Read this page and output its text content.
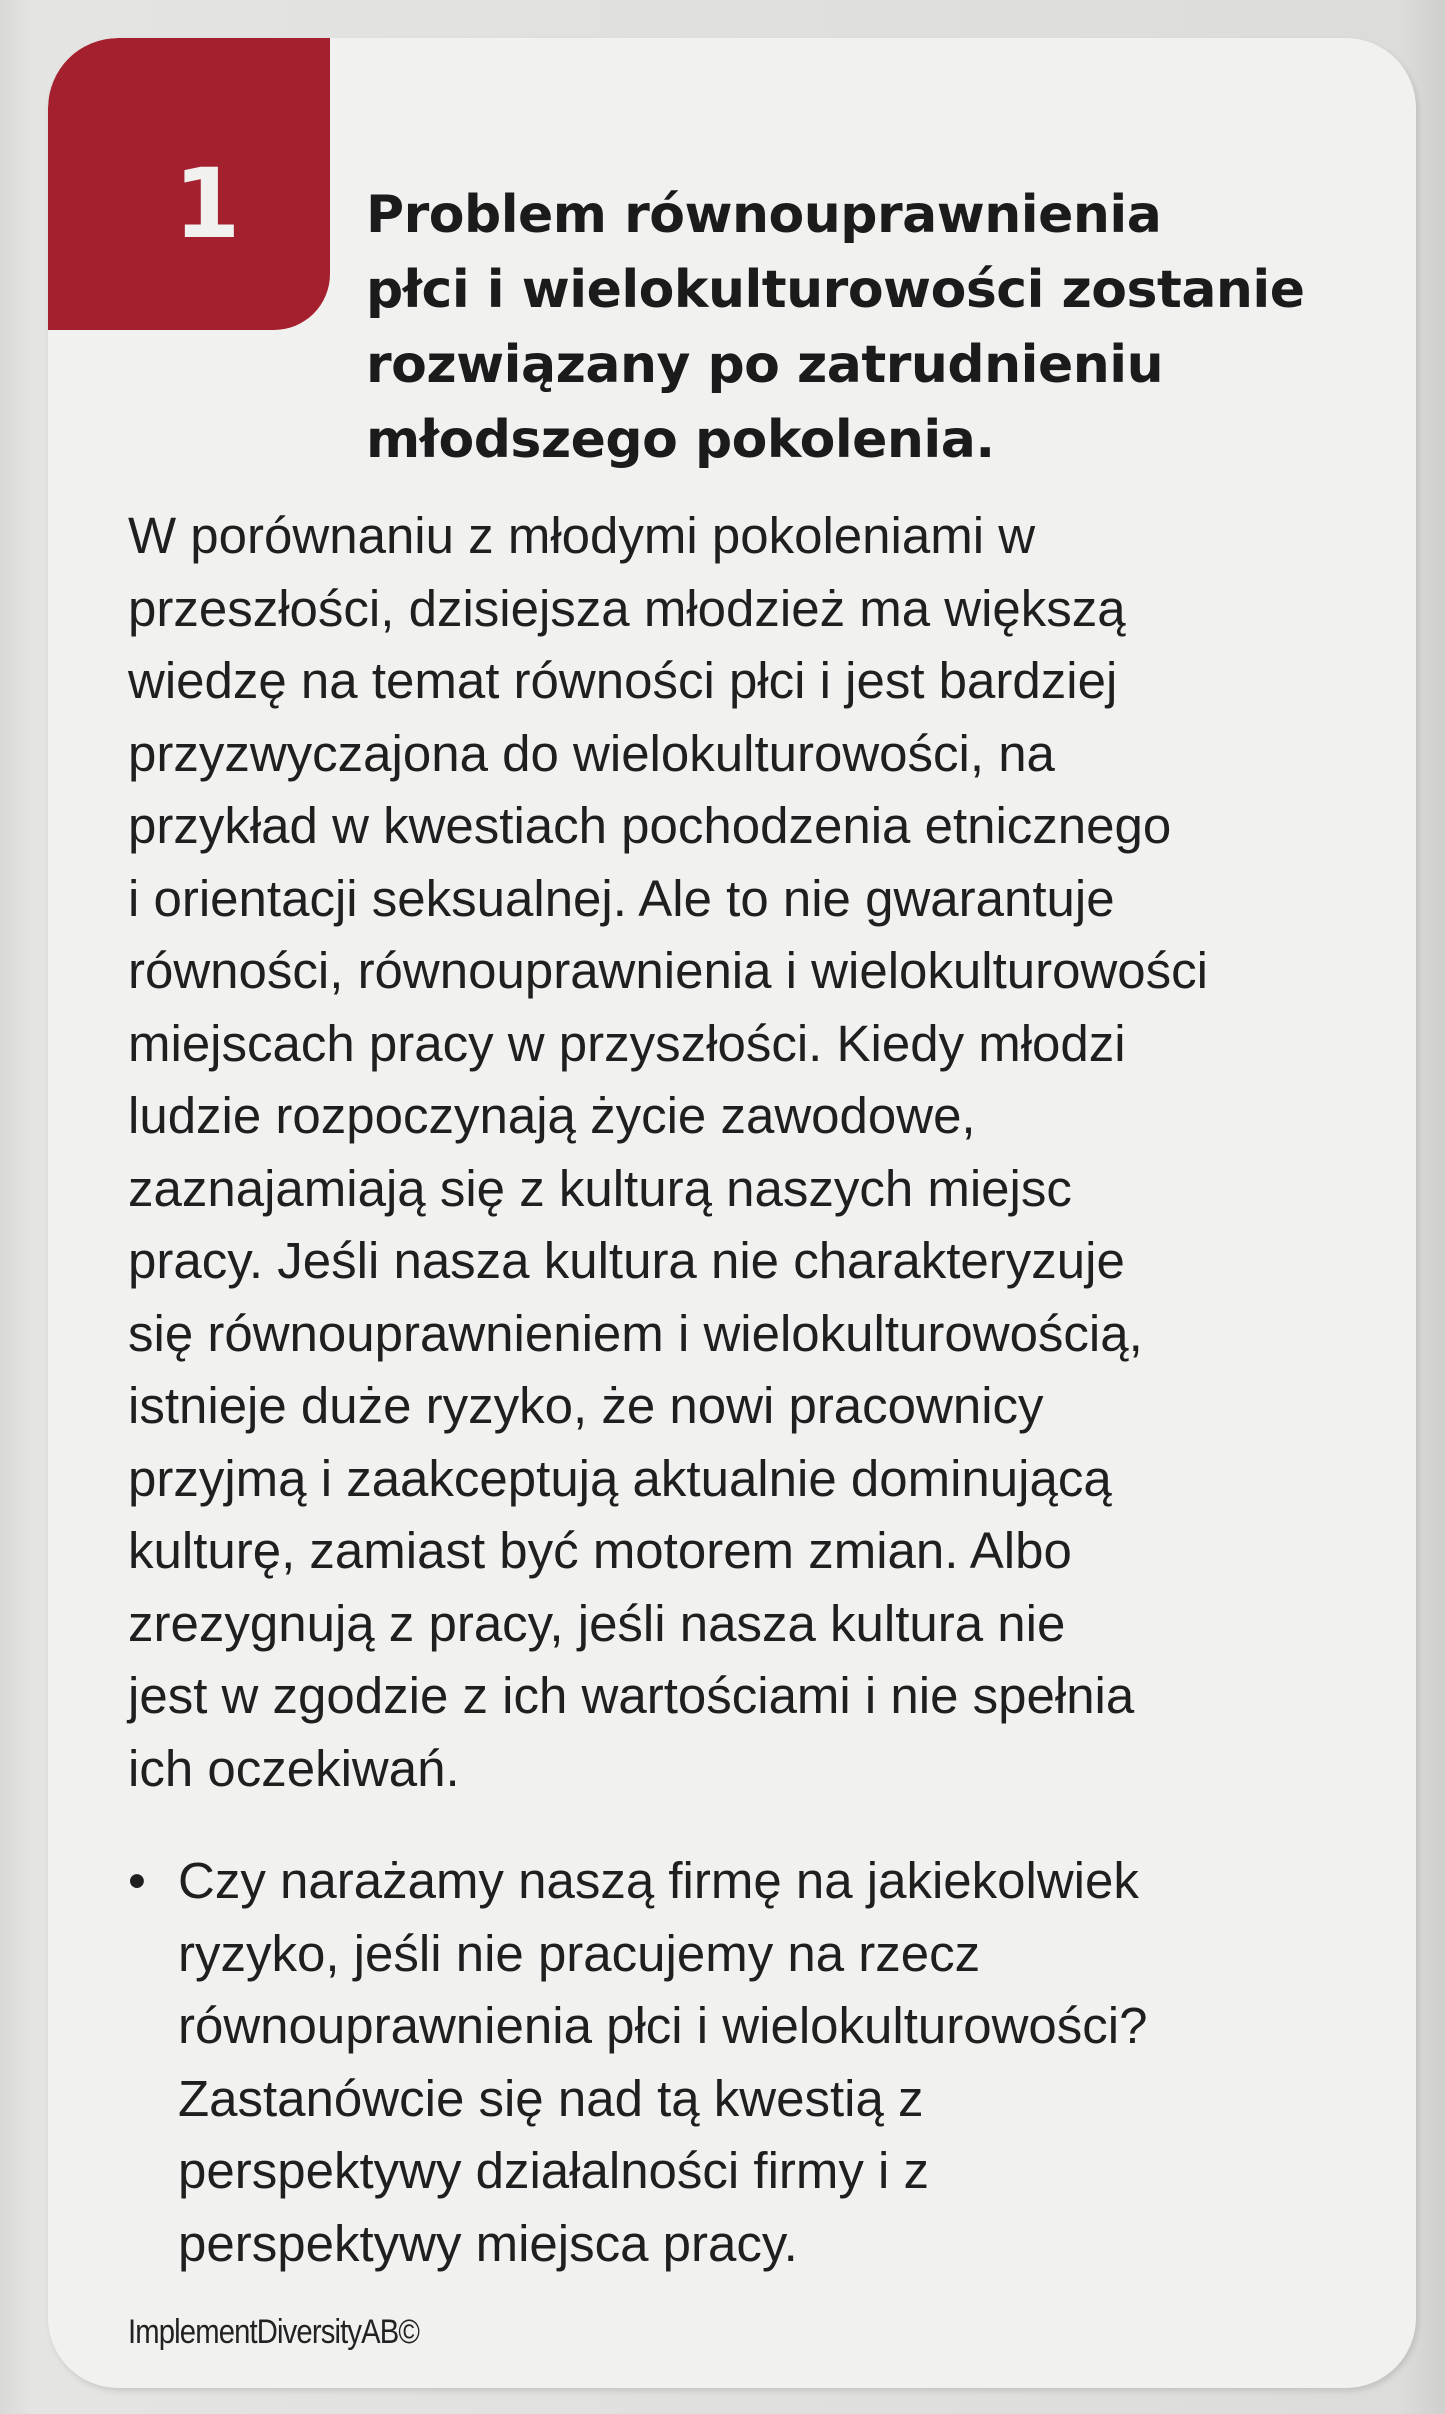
1 Problem równouprawnienia
płci i wielokulturowości zostanie
rozwiązany po zatrudnieniu
młodszego pokolenia.
W porównaniu z młodymi pokoleniami w
przeszłości, dzisiejsza młodzież ma większą
wiedzę na temat równości płci i jest bardziej
przyzwyczajona do wielokulturowości, na
przykład w kwestiach pochodzenia etnicznego
i orientacji seksualnej. Ale to nie gwarantuje
równości, równouprawnienia i wielokulturowości
miejscach pracy w przyszłości. Kiedy młodzi
ludzie rozpoczynają życie zawodowe,
zaznajamiają się z kulturą naszych miejsc
pracy. Jeśli nasza kultura nie charakteryzuje
się równouprawnieniem i wielokulturowością,
istnieje duże ryzyko, że nowi pracownicy
przyjmą i zaakceptują aktualnie dominującą
kulturę, zamiast być motorem zmian. Albo
zrezygnują z pracy, jeśli nasza kultura nie
jest w zgodzie z ich wartościami i nie spełnia
ich oczekiwań.
• Czy narażamy naszą firmę na jakiekolwiek
ryzyko, jeśli nie pracujemy na rzecz
równouprawnienia płci i wielokulturowości?
Zastanówcie się nad tą kwestią z
perspektywy działalności firmy i z
perspektywy miejsca pracy.
ImplementDiversityAB©
